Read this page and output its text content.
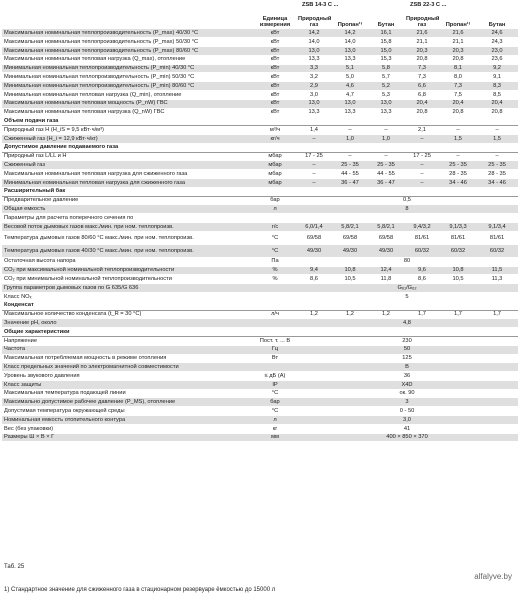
		ZSB 14-3 C ...			ZSB 22-3 C ...		
	Единица измерения	Природный газ	Пропан¹⁾	Бутан	Природный газ	Пропан¹⁾	Бутан
Максимальная номинальная теплопроизводительность (P_max) 40/30 °C	кВт	14,2	14,2	16,1	21,6	21,6	24,6
Максимальная номинальная теплопроизводительность (P_max) 50/30 °C	кВт	14,0	14,0	15,8	21,1	21,1	24,3
Максимальная номинальная теплопроизводительность (P_max) 80/60 °C	кВт	13,0	13,0	15,0	20,3	20,3	23,0
Максимальная номинальная тепловая нагрузка (Q_max), отопление	кВт	13,3	13,3	15,3	20,8	20,8	23,6
Минимальная номинальная теплопроизводительность (P_min) 40/30 °C	кВт	3,3	5,1	5,8	7,3	8,1	9,2
Минимальная номинальная теплопроизводительность (P_min) 50/30 °C	кВт	3,2	5,0	5,7	7,3	8,0	9,1
Минимальная номинальная теплопроизводительность (P_min) 80/60 °C	кВт	2,9	4,6	5,2	6,6	7,3	8,3
Минимальная номинальная тепловая нагрузка (Q_min), отопление	кВт	3,0	4,7	5,3	6,8	7,5	8,5
Максимальная номинальная тепловая мощность (P_nW) ГВС	кВт	13,0	13,0	13,0	20,4	20,4	20,4
Максимальная номинальная тепловая нагрузка (Q_nW) ГВС	кВт	13,3	13,3	13,3	20,8	20,8	20,8
Объем подачи газа							
Природный газ H (H_iS = 9,5 кВт·ч/м³)	м³/ч	1,4	–	–	2,1	–	–
Сжиженный газ (H_i = 12,9 кВт·ч/кг)	кг/ч	–	1,0	1,0	–	1,5	1,5
Допустимое давление подаваемого газа							
Природный газ L/LL и H	мбар	17 - 25	–	–	17 - 25	–	–
Сжиженный газ	мбар	–	25 - 35	25 - 35	–	25 - 35	25 - 35
Максимальная номинальная тепловая нагрузка для сжиженного газа	мбар	–	44 - 55	44 - 55	–	28 - 35	28 - 35
Минимальная номинальная тепловая нагрузка для сжиженного газа	мбар	–	36 - 47	36 - 47	–	34 - 46	34 - 46
Расширительный бак							
Предварительное давление	бар	0,5					
Общая емкость	л	8					
Параметры для расчета поперечного сечения по							
Весовой поток дымовых газов макс./мин. при ном. теплопроизв.	г/с	6,0/1,4	5,8/2,1	5,8/2,1	9,4/3,2	9,1/3,3	9,1/3,4
Температура дымовых газов 80/60 °C макс./мин. при ном. теплопроизв.	°C	69/58	69/58	69/58	81/61	81/61	81/61
Температура дымовых газов 40/30 °C макс./мин. при ном. теплопроизв.	°C	49/30	49/30	49/30	60/32	60/32	60/32
Остаточная высота напора	Па	80					
CO₂ при максимальной номинальной теплопроизводительности	%	9,4	10,8	12,4	9,6	10,8	11,5
CO₂ при минимальной номинальной теплопроизводительности	%	8,6	10,5	11,8	8,6	10,5	11,3
Группа параметров дымовых газов по G 635/G 636		G₆₁/G₆₂					
Класс NOₓ		5					
Конденсат							
Максимальное количество конденсата (t_R = 30 °C)	л/ч	1,2	1,2	1,2	1,7	1,7	1,7
Значение pH, около		4,8					
Общие характеристики							
Напряжение	Пост. т. ... В	230					
Частота	Гц	50					
Максимальная потребляемая мощность в режиме отопления	Вт	125					
Класс предельных значений по электромагнитной совместимости		B					
Уровень звукового давления	≤ дБ (A)	36					
Класс защиты	IP	X4D					
Максимальная температура подающей линии	°C	ок. 90					
Максимально допустимое рабочее давление (P_MS), отопление	бар	3					
Допустимая температура окружающей среды	°C	0 - 50					
Номинальная емкость отопительного контура	л	3,0					
Вес (без упаковки)	кг	41					
Размеры Ш × В × Г	мм	400 × 850 × 370					
Таб. 25
alfalyve.by
1) Стандартное значение для сжиженного газа в стационарном резервуаре ёмкостью до 15000 л
